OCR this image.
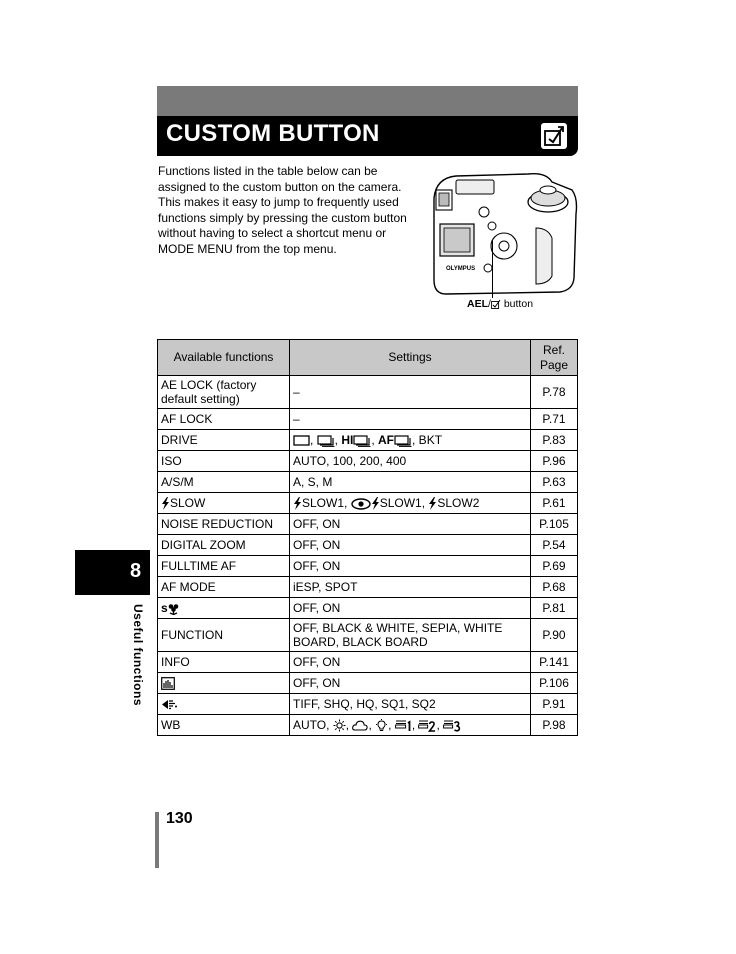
CUSTOM BUTTON
Functions listed in the table below can be assigned to the custom button on the camera. This makes it easy to jump to frequently used functions simply by pressing the custom button without having to select a shortcut menu or MODE MENU from the top menu.
OLYMPUS
AEL/ button
Available functions	Settings	Ref. Page
AE LOCK (factory default setting)	–	P.78
AF LOCK	–	P.71
DRIVE	, , HI , AF , BKT	P.83
ISO	AUTO, 100, 200, 400	P.96
A/S/M	A, S, M	P.63
SLOW	SLOW1, SLOW1, SLOW2	P.61
NOISE REDUCTION	OFF, ON	P.105
DIGITAL ZOOM	OFF, ON	P.54
FULLTIME AF	OFF, ON	P.69
AF MODE	iESP, SPOT	P.68
s	OFF, ON	P.81
FUNCTION	OFF, BLACK & WHITE, SEPIA, WHITE BOARD, BLACK BOARD	P.90
INFO	OFF, ON	P.141
	OFF, ON	P.106
	TIFF, SHQ, HQ, SQ1, SQ2	P.91
WB	AUTO, , , , , ,	P.98
8
Useful functions
130
